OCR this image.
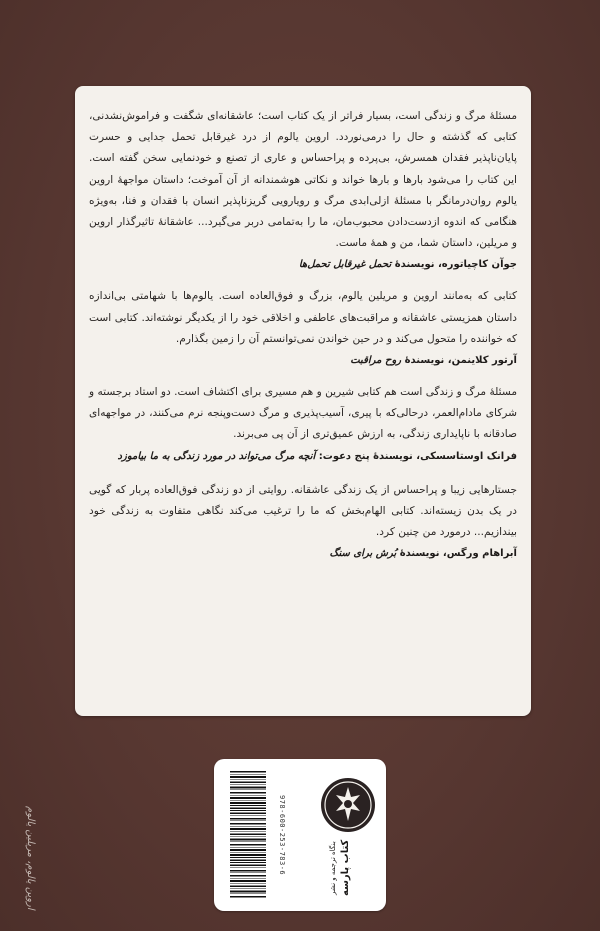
مسئلهٔ مرگ و زندگی است، بسیار فراتر از یک کتاب است؛ عاشقانه‌ای شگفت و فراموش‌نشدنی، کتابی که گذشته و حال را درمی‌نوردد. اروین یالوم از درد غیرقابل تحمل جدایی و حسرت پایان‌ناپذیر فقدان همسرش، بی‌پرده و پراحساس و عاری از تصنع و خودنمایی سخن گفته است. این کتاب را می‌شود بارها و بارها خواند و نکاتی هوشمندانه از آن آموخت؛ داستان مواجههٔ اروین یالوم روان‌درمانگر با مسئلهٔ ازلی‌ابدی مرگ و رویارویی گریزناپذیر انسان با فقدان و فنا، به‌ویژه هنگامی که اندوه ازدست‌دادن محبوب‌مان، ما را به‌تمامی دربر می‌گیرد... عاشقانهٔ تاثیرگذار اروین و مریلین، داستان شما، من و همهٔ ماست.

جوآن کاچیاتوره، نویسندهٔ تحمل غیرقابل تحمل‌ها

کتابی که به‌مانند اروین و مریلین یالوم، بزرگ و فوق‌العاده است. یالوم‌ها با شهامتی بی‌اندازه داستان همزیستی عاشقانه و مراقبت‌های عاطفی و اخلاقی خود را از یکدیگر نوشته‌اند. کتابی است که خواننده را متحول می‌کند و در حین خواندن نمی‌توانستم آن را زمین بگذارم.

آرتور کلاینمن، نویسندهٔ روح مراقبت

مسئلهٔ مرگ و زندگی است هم کتابی شیرین و هم مسیری برای اکتشاف است. دو استاد برجسته و شرکای مادام‌العمر، درحالی‌که با پیری، آسیب‌پذیری و مرگ دست‌وپنجه نرم می‌کنند، در مواجهه‌ای صادقانه با ناپایداری زندگی، به ارزش عمیق‌تری از آن پی می‌برند.

فرانک اوستاسسکی، نویسندهٔ پنج دعوت: آنچه مرگ می‌تواند در مورد زندگی به ما بیاموزد

جستارهایی زیبا و پراحساس از یک زندگی عاشقانه. روایتی از دو زندگی فوق‌العاده پربار که گویی در یک بدن زیسته‌اند. کتابی الهام‌بخش که ما را ترغیب می‌کند نگاهی متفاوت به زندگی خود بیندازیم... درمورد من چنین کرد.

آبراهام ورگس، نویسندهٔ بُرش برای سنگ

978-600-253-783-6	بنگاه ترجمه و نشر کتاب پارسه
اروین یالوم، مریلین یالوم
